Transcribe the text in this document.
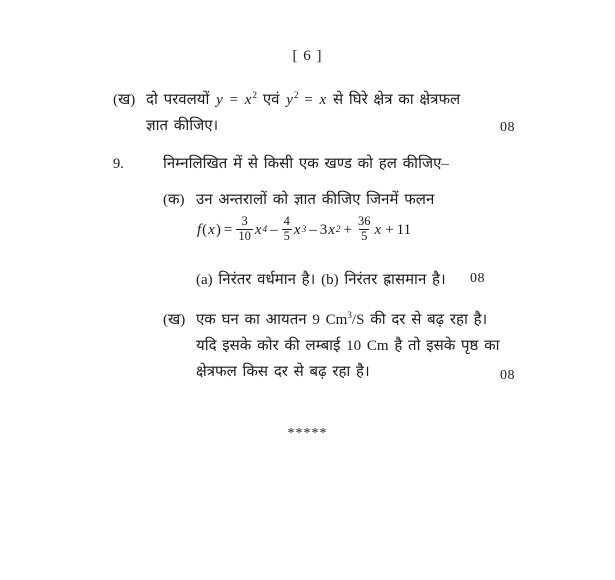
[ 6 ]
(ख) दो परवलयों $y = x^2$ एवं $y^2 = x$ से घिरे क्षेत्र का क्षेत्रफल
ज्ञात कीजिए।	08
9.	निम्नलिखित में से किसी एक खण्ड को हल कीजिए–
(क) उन अन्तरालों को ज्ञात कीजिए जिनमें फलन
f ( x ) = $\frac{3}{10}$ x $4 - \frac{4}{5}$ x 3 – 3 x $2 + \frac{36}{5}$ x + 11
(a) निरंतर वर्धमान है। (b) निरंतर ह्रासमान है।	08
(ख) एक घन का आयतन 9 Cm$^3$/S की दर से बढ़ रहा है।
यदि इसके कोर की लम्बाई 10 Cm है तो इसके पृष्ठ का
क्षेत्रफल किस दर से बढ़ रहा है।	08
*****
